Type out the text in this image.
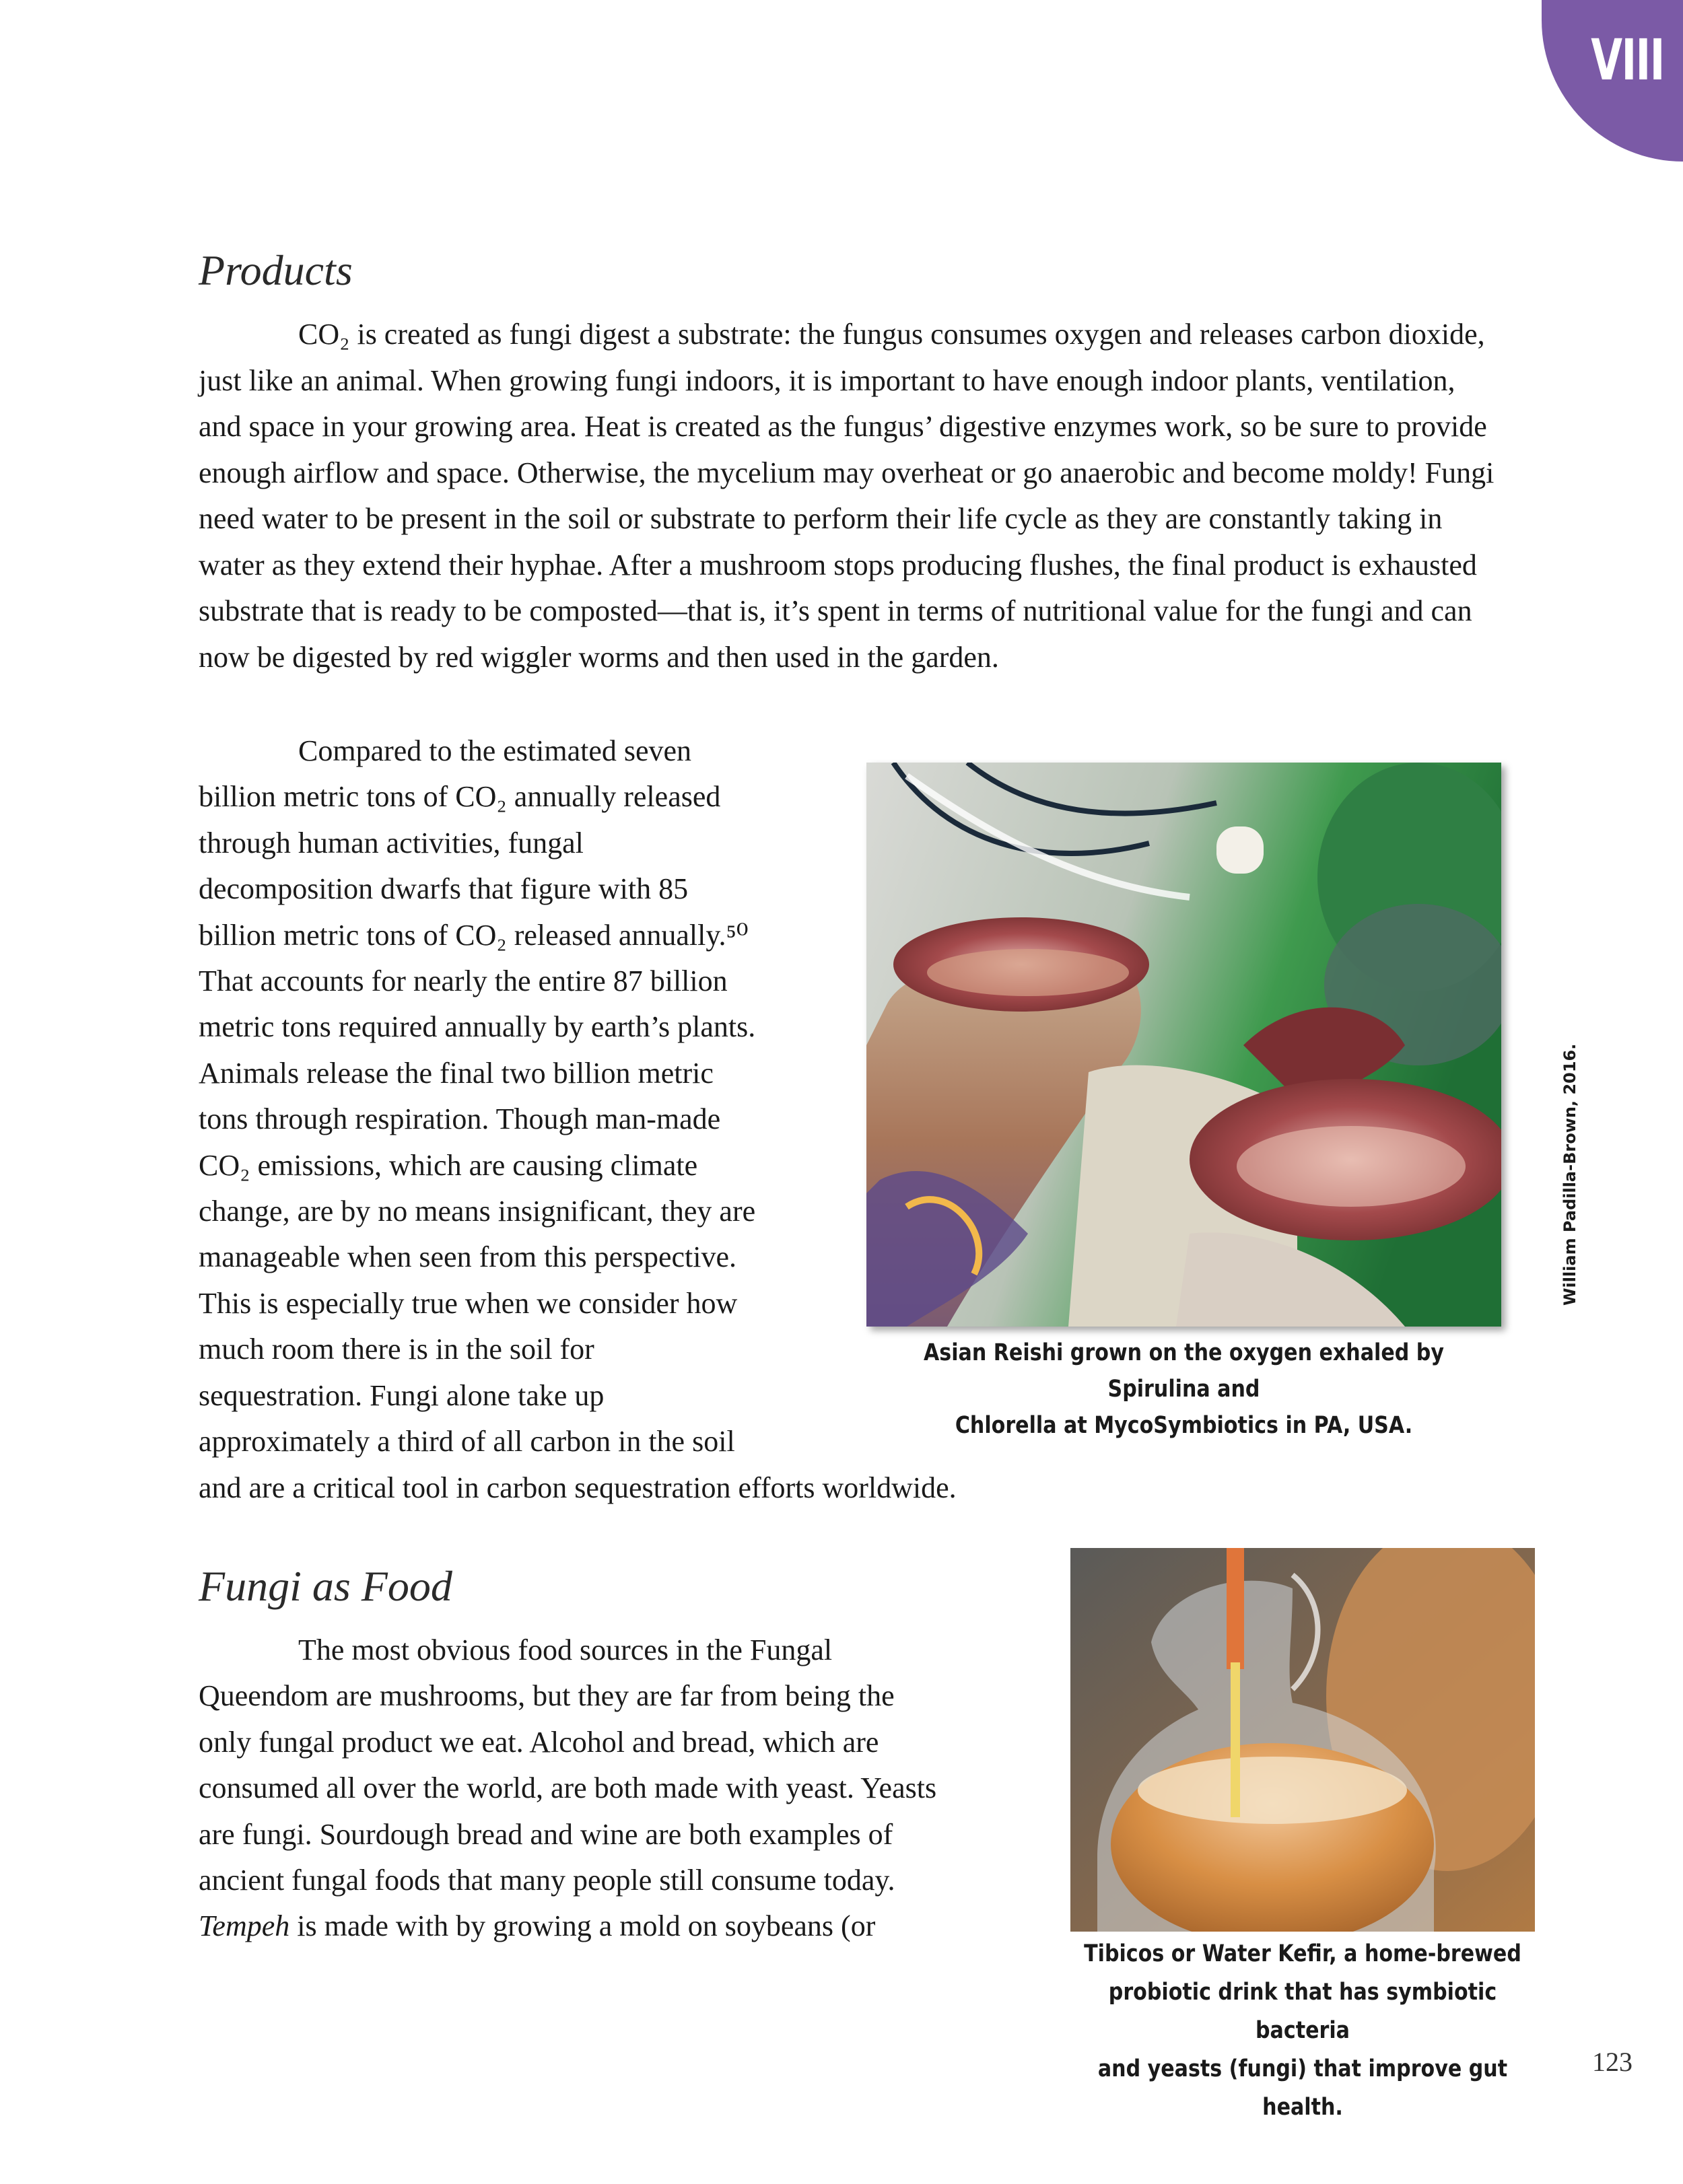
VIII
Products

CO₂ is created as fungi digest a substrate: the fungus consumes oxygen and releases carbon dioxide, just like an animal. When growing fungi indoors, it is important to have enough indoor plants, ventilation, and space in your growing area. Heat is created as the fungus’ digestive enzymes work, so be sure to provide enough airflow and space. Otherwise, the mycelium may overheat or go anaerobic and become moldy! Fungi need water to be present in the soil or substrate to perform their life cycle as they are constantly taking in water as they extend their hyphae. After a mushroom stops producing flushes, the final product is exhausted substrate that is ready to be composted—that is, it’s spent in terms of nutritional value for the fungi and can now be digested by red wiggler worms and then used in the garden.

Compared to the estimated seven
billion metric tons of CO₂ annually released
through human activities, fungal
decomposition dwarfs that figure with 85
billion metric tons of CO₂ released annually.⁵⁰
That accounts for nearly the entire 87 billion
metric tons required annually by earth’s plants.
Animals release the final two billion metric
tons through respiration. Though man-made
CO₂ emissions, which are causing climate
change, are by no means insignificant, they are
manageable when seen from this perspective.
This is especially true when we consider how
much room there is in the soil for
sequestration. Fungi alone take up
approximately a third of all carbon in the soil
and are a critical tool in carbon sequestration efforts worldwide.
William Padilla-Brown, 2016.
Asian Reishi grown on the oxygen exhaled by Spirulina and
Chlorella at MycoSymbiotics in PA, USA.
Fungi as Food
The most obvious food sources in the Fungal
Queendom are mushrooms, but they are far from being the
only fungal product we eat. Alcohol and bread, which are
consumed all over the world, are both made with yeast. Yeasts
are fungi. Sourdough bread and wine are both examples of
ancient fungal foods that many people still consume today.
Tempeh is made with by growing a mold on soybeans (or
Tibicos or Water Kefir, a home-brewed
probiotic drink that has symbiotic bacteria
and yeasts (fungi) that improve gut health.
123
